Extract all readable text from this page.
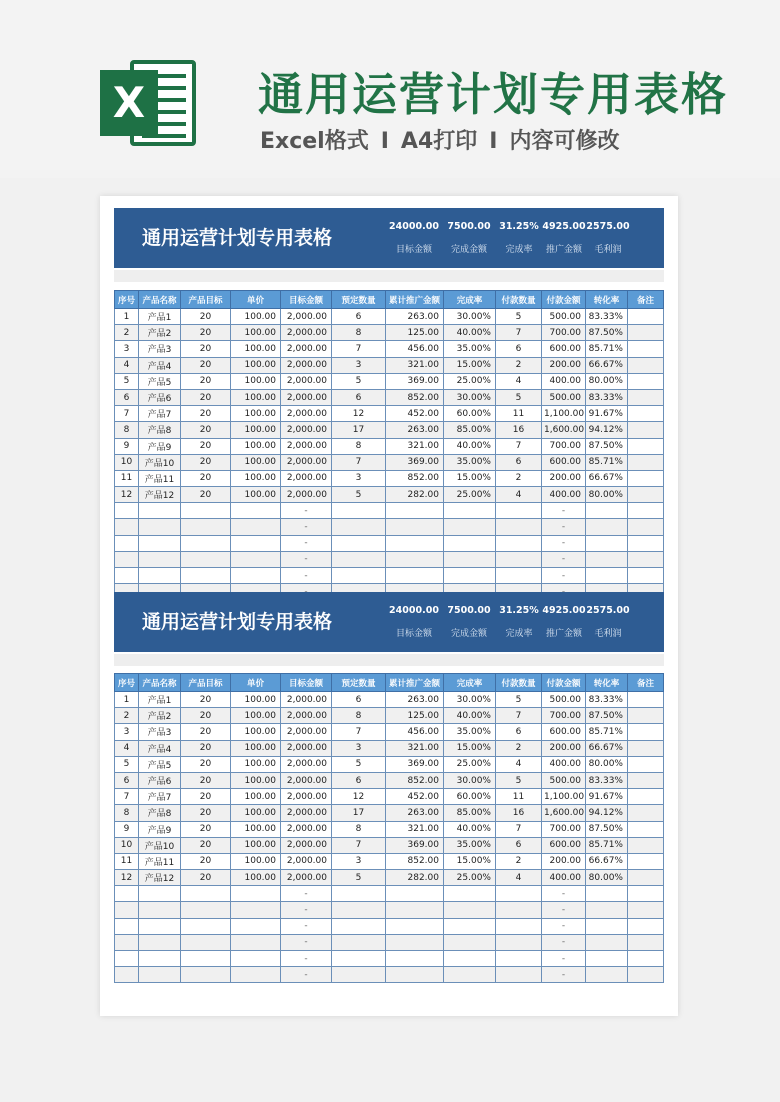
X	通用运营计划专用表格
Excel格式 I A4打印 I 内容可修改
通用运营计划专用表格
24000.00
目标金额
7500.00
完成金额
31.25%
完成率
4925.00
推广金额
2575.00
毛利润
序号	产品名称	产品目标	单价	目标金额	预定数量	累计推广金额	完成率	付款数量	付款金额	转化率	备注
1	产品1	20	100.00	2,000.00	6	263.00	30.00%	5	500.00	83.33%	
2	产品2	20	100.00	2,000.00	8	125.00	40.00%	7	700.00	87.50%	
3	产品3	20	100.00	2,000.00	7	456.00	35.00%	6	600.00	85.71%	
4	产品4	20	100.00	2,000.00	3	321.00	15.00%	2	200.00	66.67%	
5	产品5	20	100.00	2,000.00	5	369.00	25.00%	4	400.00	80.00%	
6	产品6	20	100.00	2,000.00	6	852.00	30.00%	5	500.00	83.33%	
7	产品7	20	100.00	2,000.00	12	452.00	60.00%	11	1,100.00	91.67%	
8	产品8	20	100.00	2,000.00	17	263.00	85.00%	16	1,600.00	94.12%	
9	产品9	20	100.00	2,000.00	8	321.00	40.00%	7	700.00	87.50%	
10	产品10	20	100.00	2,000.00	7	369.00	35.00%	6	600.00	85.71%	
11	产品11	20	100.00	2,000.00	3	852.00	15.00%	2	200.00	66.67%	
12	产品12	20	100.00	2,000.00	5	282.00	25.00%	4	400.00	80.00%	
				-					-		
				-					-		
				-					-		
				-					-		
				-					-		

通用运营计划专用表格
24000.00
目标金额
7500.00
完成金额
31.25%
完成率
4925.00
推广金额
2575.00
毛利润
序号	产品名称	产品目标	单价	目标金额	预定数量	累计推广金额	完成率	付款数量	付款金额	转化率	备注
1	产品1	20	100.00	2,000.00	6	263.00	30.00%	5	500.00	83.33%	
2	产品2	20	100.00	2,000.00	8	125.00	40.00%	7	700.00	87.50%	
3	产品3	20	100.00	2,000.00	7	456.00	35.00%	6	600.00	85.71%	
4	产品4	20	100.00	2,000.00	3	321.00	15.00%	2	200.00	66.67%	
5	产品5	20	100.00	2,000.00	5	369.00	25.00%	4	400.00	80.00%	
6	产品6	20	100.00	2,000.00	6	852.00	30.00%	5	500.00	83.33%	
7	产品7	20	100.00	2,000.00	12	452.00	60.00%	11	1,100.00	91.67%	
8	产品8	20	100.00	2,000.00	17	263.00	85.00%	16	1,600.00	94.12%	
9	产品9	20	100.00	2,000.00	8	321.00	40.00%	7	700.00	87.50%	
10	产品10	20	100.00	2,000.00	7	369.00	35.00%	6	600.00	85.71%	
11	产品11	20	100.00	2,000.00	3	852.00	15.00%	2	200.00	66.67%	
12	产品12	20	100.00	2,000.00	5	282.00	25.00%	4	400.00	80.00%	
				-					-		
				-					-		
				-					-		
				-					-		
				-					-		
				-					-		
